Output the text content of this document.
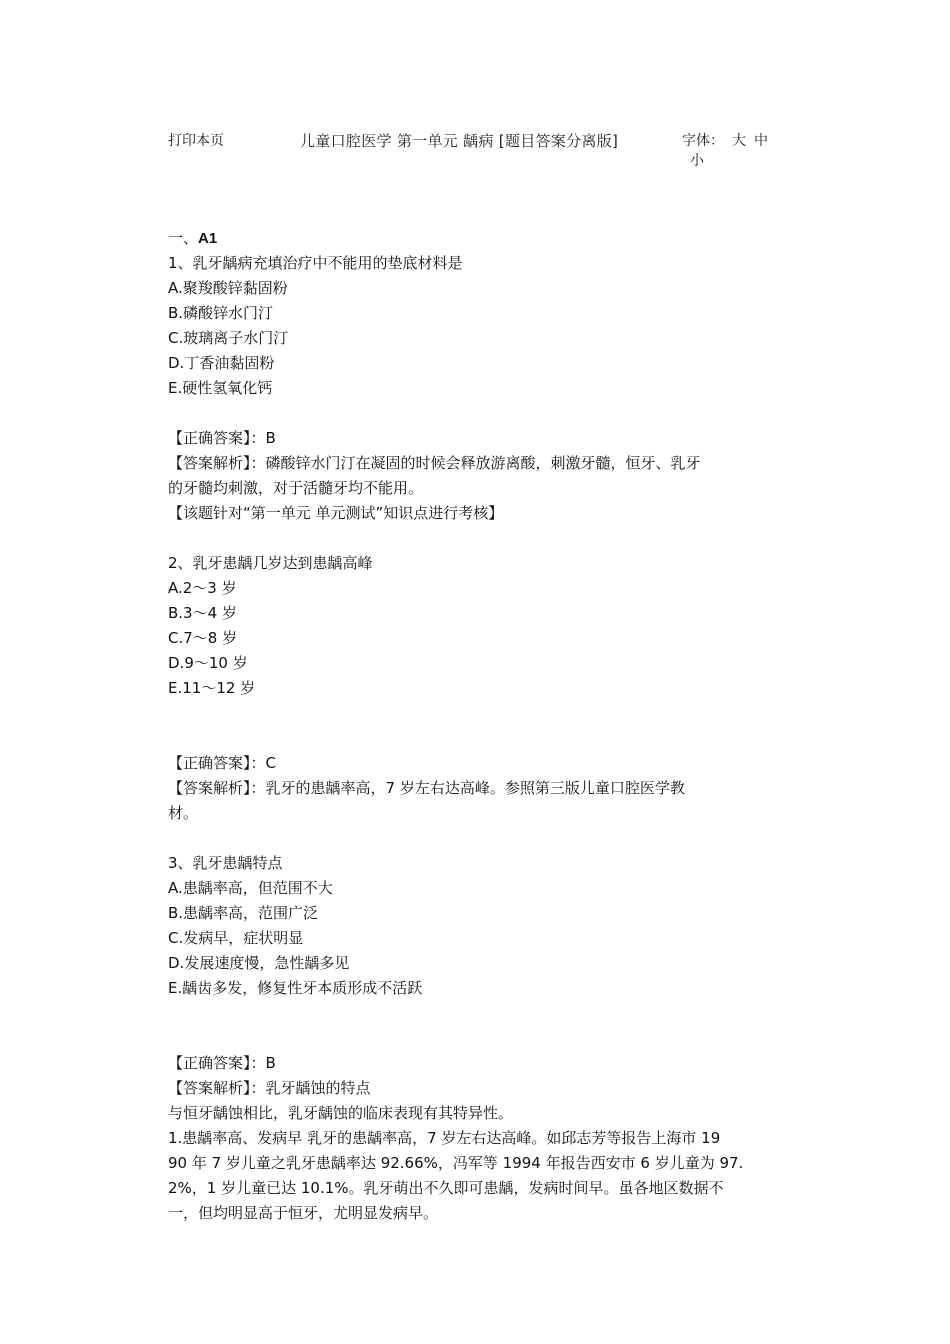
打印本页	儿童口腔医学 第一单元 龋病 [题目答案分离版]	字体： 大 中小
一、A1
1、乳牙龋病充填治疗中不能用的垫底材料是
A.聚羧酸锌黏固粉
B.磷酸锌水门汀
C.玻璃离子水门汀
D.丁香油黏固粉
E.硬性氢氧化钙
【正确答案】：B
【答案解析】：磷酸锌水门汀在凝固的时候会释放游离酸，刺激牙髓，恒牙、乳牙
的牙髓均刺激，对于活髓牙均不能用。
【该题针对“第一单元 单元测试”知识点进行考核】
2、乳牙患龋几岁达到患龋高峰
A.2～3 岁
B.3～4 岁
C.7～8 岁
D.9～10 岁
E.11～12 岁
【正确答案】：C
【答案解析】：乳牙的患龋率高，7 岁左右达高峰。参照第三版儿童口腔医学教
材。
3、乳牙患龋特点
A.患龋率高，但范围不大
B.患龋率高，范围广泛
C.发病早，症状明显
D.发展速度慢，急性龋多见
E.龋齿多发，修复性牙本质形成不活跃
【正确答案】：B
【答案解析】：乳牙龋蚀的特点
与恒牙龋蚀相比，乳牙龋蚀的临床表现有其特异性。
1.患龋率高、发病早 乳牙的患龋率高，7 岁左右达高峰。如邱志芳等报告上海市 19
90 年 7 岁儿童之乳牙患龋率达 92.66%，冯军等 1994 年报告西安市 6 岁儿童为 97.
2%，1 岁儿童已达 10.1%。乳牙萌出不久即可患龋，发病时间早。虽各地区数据不
一，但均明显高于恒牙，尤明显发病早。
